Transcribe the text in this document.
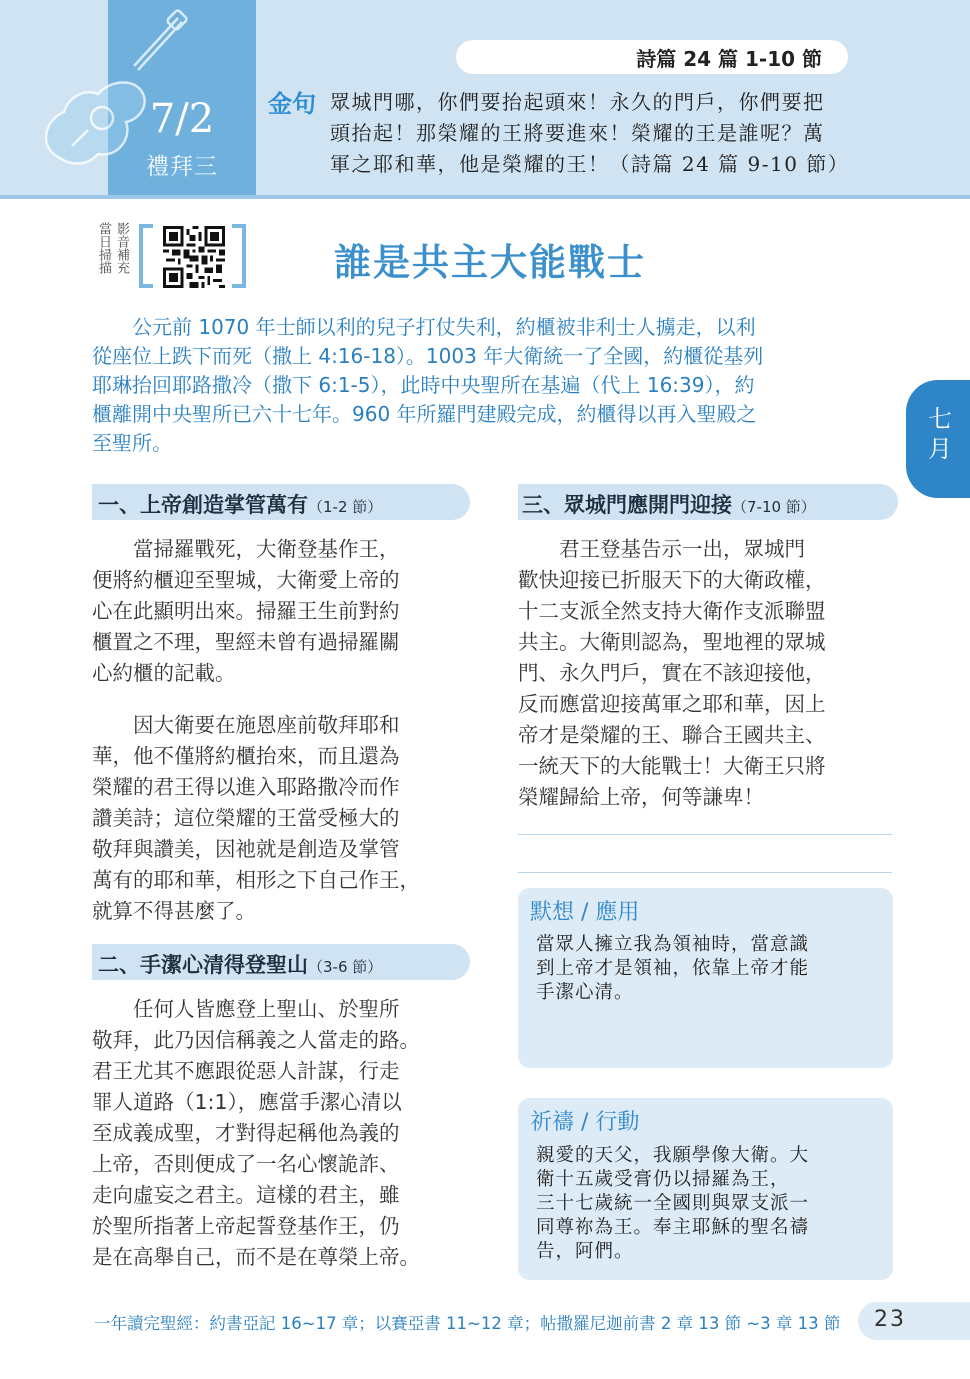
7/2
禮拜三
詩篇 24 篇 1-10 節
金句 眾城門哪，你們要抬起頭來！永久的門戶，你們要把
頭抬起！那榮耀的王將要進來！榮耀的王是誰呢？萬
軍之耶和華，他是榮耀的王！（詩篇 24 篇 9-10 節）
影音補充
當日掃描	誰是共主大能戰士
　　公元前 1070 年士師以利的兒子打仗失利，約櫃被非利士人擄走，以利
從座位上跌下而死（撒上 4:16-18）。1003 年大衛統一了全國，約櫃從基列
耶琳抬回耶路撒冷（撒下 6:1-5），此時中央聖所在基遍（代上 16:39），約
櫃離開中央聖所已六十七年。960 年所羅門建殿完成，約櫃得以再入聖殿之
至聖所。
七月
一、上帝創造掌管萬有（1-2 節）
　　當掃羅戰死，大衛登基作王，
便將約櫃迎至聖城，大衛愛上帝的
心在此顯明出來。掃羅王生前對約
櫃置之不理，聖經未曾有過掃羅關
心約櫃的記載。
　　因大衛要在施恩座前敬拜耶和
華，他不僅將約櫃抬來，而且還為
榮耀的君王得以進入耶路撒冷而作
讚美詩；這位榮耀的王當受極大的
敬拜與讚美，因祂就是創造及掌管
萬有的耶和華，相形之下自己作王，
就算不得甚麼了。
二、手潔心清得登聖山（3-6 節）
　　任何人皆應登上聖山、於聖所
敬拜，此乃因信稱義之人當走的路。
君王尤其不應跟從惡人計謀，行走
罪人道路（1:1），應當手潔心清以
至成義成聖，才對得起稱他為義的
上帝，否則便成了一名心懷詭詐、
走向虛妄之君主。這樣的君主，雖
於聖所指著上帝起誓登基作王，仍
是在高舉自己，而不是在尊榮上帝。
三、眾城門應開門迎接（7-10 節）
　　君王登基告示一出，眾城門
歡快迎接已折服天下的大衛政權，
十二支派全然支持大衛作支派聯盟
共主。大衛則認為，聖地裡的眾城
門、永久門戶，實在不該迎接他，
反而應當迎接萬軍之耶和華，因上
帝才是榮耀的王、聯合王國共主、
一統天下的大能戰士！大衛王只將
榮耀歸給上帝，何等謙卑！
默想 / 應用
當眾人擁立我為領袖時，當意識
到上帝才是領袖，依靠上帝才能
手潔心清。
祈禱 / 行動
親愛的天父，我願學像大衛。大
衛十五歲受膏仍以掃羅為王，
三十七歲統一全國則與眾支派一
同尊祢為王。奉主耶穌的聖名禱
告，阿們。
一年讀完聖經：約書亞記 16~17 章；以賽亞書 11~12 章；帖撒羅尼迦前書 2 章 13 節 ~3 章 13 節	23
